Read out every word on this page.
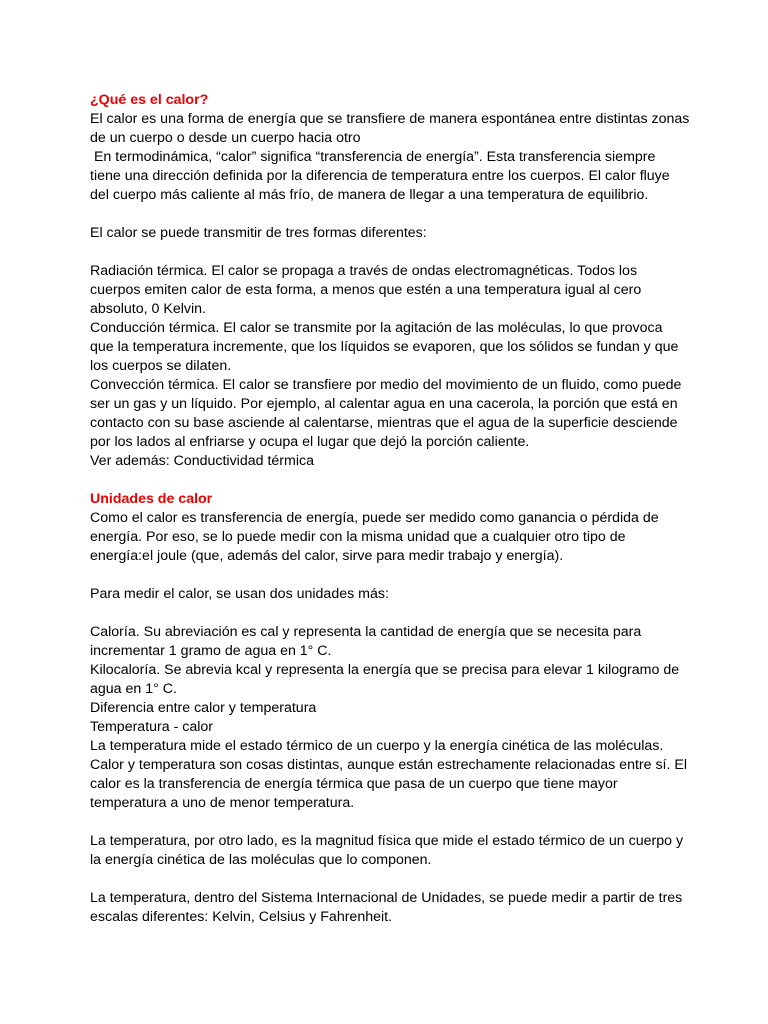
¿Qué es el calor?

El calor es una forma de energía que se transfiere de manera espontánea entre distintas zonas de un cuerpo o desde un cuerpo hacia otro

En termodinámica, “calor” significa “transferencia de energía”. Esta transferencia siempre tiene una dirección definida por la diferencia de temperatura entre los cuerpos. El calor fluye del cuerpo más caliente al más frío, de manera de llegar a una temperatura de equilibrio.

El calor se puede transmitir de tres formas diferentes:

Radiación térmica. El calor se propaga a través de ondas electromagnéticas. Todos los cuerpos emiten calor de esta forma, a menos que estén a una temperatura igual al cero absoluto, 0 Kelvin.

Conducción térmica. El calor se transmite por la agitación de las moléculas, lo que provoca que la temperatura incremente, que los líquidos se evaporen, que los sólidos se fundan y que los cuerpos se dilaten.

Convección térmica. El calor se transfiere por medio del movimiento de un fluido, como puede ser un gas y un líquido. Por ejemplo, al calentar agua en una cacerola, la porción que está en contacto con su base asciende al calentarse, mientras que el agua de la superficie desciende por los lados al enfriarse y ocupa el lugar que dejó la porción caliente.

Ver además: Conductividad térmica

Unidades de calor

Como el calor es transferencia de energía, puede ser medido como ganancia o pérdida de energía. Por eso, se lo puede medir con la misma unidad que a cualquier otro tipo de energía:el joule (que, además del calor, sirve para medir trabajo y energía).

Para medir el calor, se usan dos unidades más:

Caloría. Su abreviación es cal y representa la cantidad de energía que se necesita para incrementar 1 gramo de agua en 1° C.

Kilocaloría. Se abrevia kcal y representa la energía que se precisa para elevar 1 kilogramo de agua en 1° C.

Diferencia entre calor y temperatura

Temperatura - calor

La temperatura mide el estado térmico de un cuerpo y la energía cinética de las moléculas.

Calor y temperatura son cosas distintas, aunque están estrechamente relacionadas entre sí. El calor es la transferencia de energía térmica que pasa de un cuerpo que tiene mayor temperatura a uno de menor temperatura.

La temperatura, por otro lado, es la magnitud física que mide el estado térmico de un cuerpo y la energía cinética de las moléculas que lo componen.

La temperatura, dentro del Sistema Internacional de Unidades, se puede medir a partir de tres escalas diferentes: Kelvin, Celsius y Fahrenheit.
